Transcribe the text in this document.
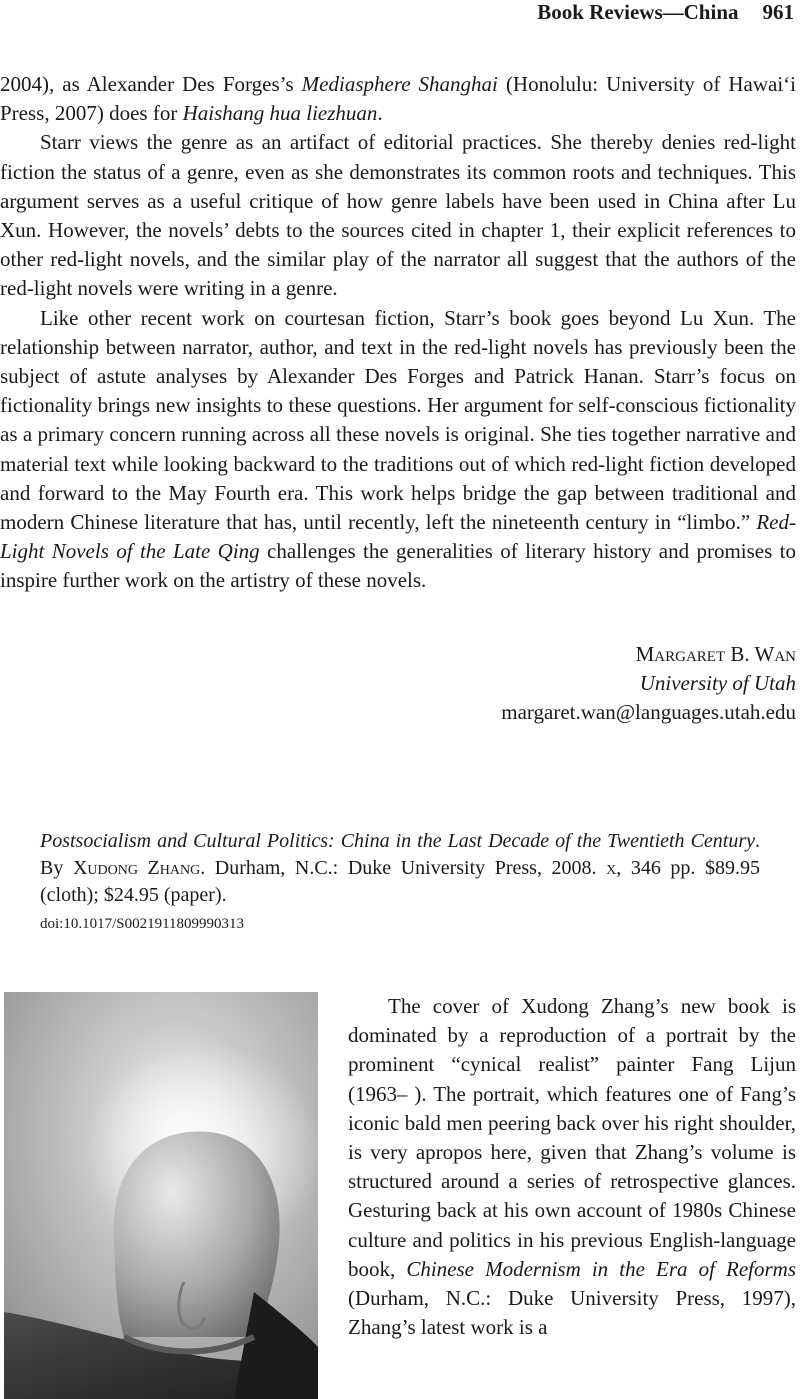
Book Reviews—China 961

2004), as Alexander Des Forges’s Mediasphere Shanghai (Honolulu: University of Hawai‘i Press, 2007) does for Haishang hua liezhuan.

Starr views the genre as an artifact of editorial practices. She thereby denies red-light fiction the status of a genre, even as she demonstrates its common roots and techniques. This argument serves as a useful critique of how genre labels have been used in China after Lu Xun. However, the novels’ debts to the sources cited in chapter 1, their explicit references to other red-light novels, and the similar play of the narrator all suggest that the authors of the red-light novels were writing in a genre.

Like other recent work on courtesan fiction, Starr’s book goes beyond Lu Xun. The relationship between narrator, author, and text in the red-light novels has previously been the subject of astute analyses by Alexander Des Forges and Patrick Hanan. Starr’s focus on fictionality brings new insights to these questions. Her argument for self-conscious fictionality as a primary concern running across all these novels is original. She ties together narrative and material text while looking backward to the traditions out of which red-light fiction developed and forward to the May Fourth era. This work helps bridge the gap between traditional and modern Chinese literature that has, until recently, left the nineteenth century in “limbo.” Red-Light Novels of the Late Qing challenges the generalities of literary history and promises to inspire further work on the artistry of these novels.

Margaret B. Wan
University of Utah
margaret.wan@languages.utah.edu
Postsocialism and Cultural Politics: China in the Last Decade of the Twentieth Century. By Xudong Zhang. Durham, N.C.: Duke University Press, 2008. x, 346 pp. $89.95 (cloth); $24.95 (paper).
doi:10.1017/S0021911809990313

The cover of Xudong Zhang’s new book is dominated by a reproduction of a portrait by the prominent “cynical realist” painter Fang Lijun (1963– ). The portrait, which features one of Fang’s iconic bald men peering back over his right shoulder, is very apropos here, given that Zhang’s volume is structured around a series of retrospective glances. Gesturing back at his own account of 1980s Chinese culture and politics in his previous English-language book, Chinese Modernism in the Era of Reforms (Durham, N.C.: Duke University Press, 1997), Zhang’s latest work is a
